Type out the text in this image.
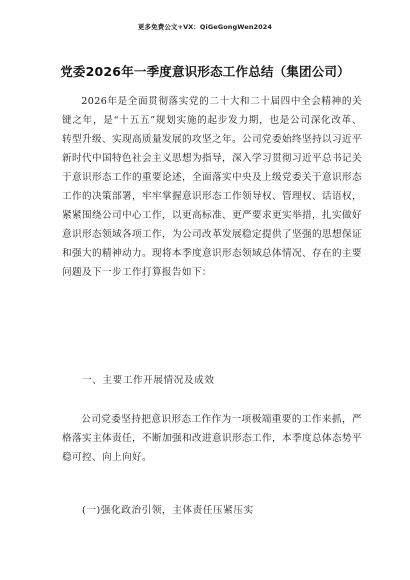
更多免费公文+VX：QiGeGongWen2024
党委2026年一季度意识形态工作总结（集团公司）
2026年是全面贯彻落实党的二十大和二十届四中全会精神的关键之年，是“十五五”规划实施的起步发力期，也是公司深化改革、转型升级、实现高质量发展的攻坚之年。公司党委始终坚持以习近平新时代中国特色社会主义思想为指导，深入学习贯彻习近平总书记关于意识形态工作的重要论述，全面落实中央及上级党委关于意识形态工作的决策部署，牢牢掌握意识形态工作领导权、管理权、话语权，紧紧围绕公司中心工作，以更高标准、更严要求更实举措，扎实做好意识形态领域各项工作，为公司改革发展稳定提供了坚强的思想保证和强大的精神动力。现将本季度意识形态领域总体情况、存在的主要问题及下一步工作打算报告如下：
一、主要工作开展情况及成效
公司党委坚持把意识形态工作作为一项极端重要的工作来抓，严格落实主体责任，不断加强和改进意识形态工作，本季度总体态势平稳可控、向上向好。
(一)强化政治引领，主体责任压紧压实
